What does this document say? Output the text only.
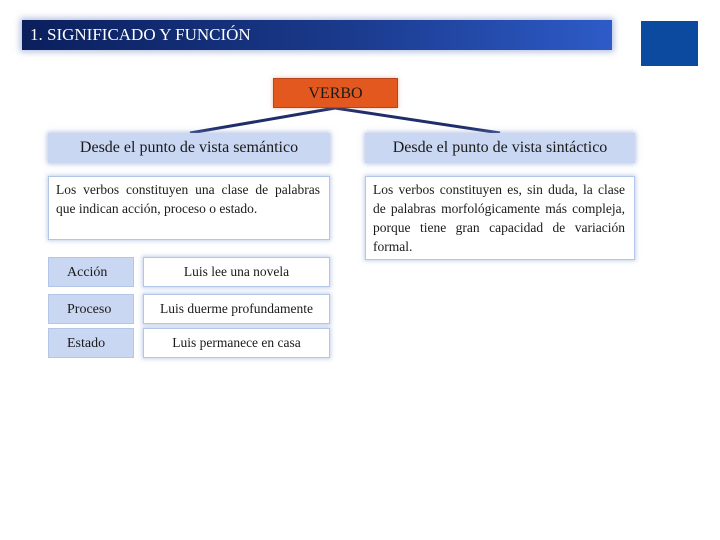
1. SIGNIFICADO Y FUNCIÓN
VERBO
Desde el punto de vista semántico	Desde el punto de vista sintáctico
Los verbos constituyen una clase de palabras que indican acción, proceso o estado.
Los verbos constituyen es, sin duda, la clase de palabras morfológicamente más compleja, porque tiene gran capacidad de variación formal.
Acción	Luis lee una novela
Proceso	Luis duerme profundamente
Estado	Luis permanece en casa
